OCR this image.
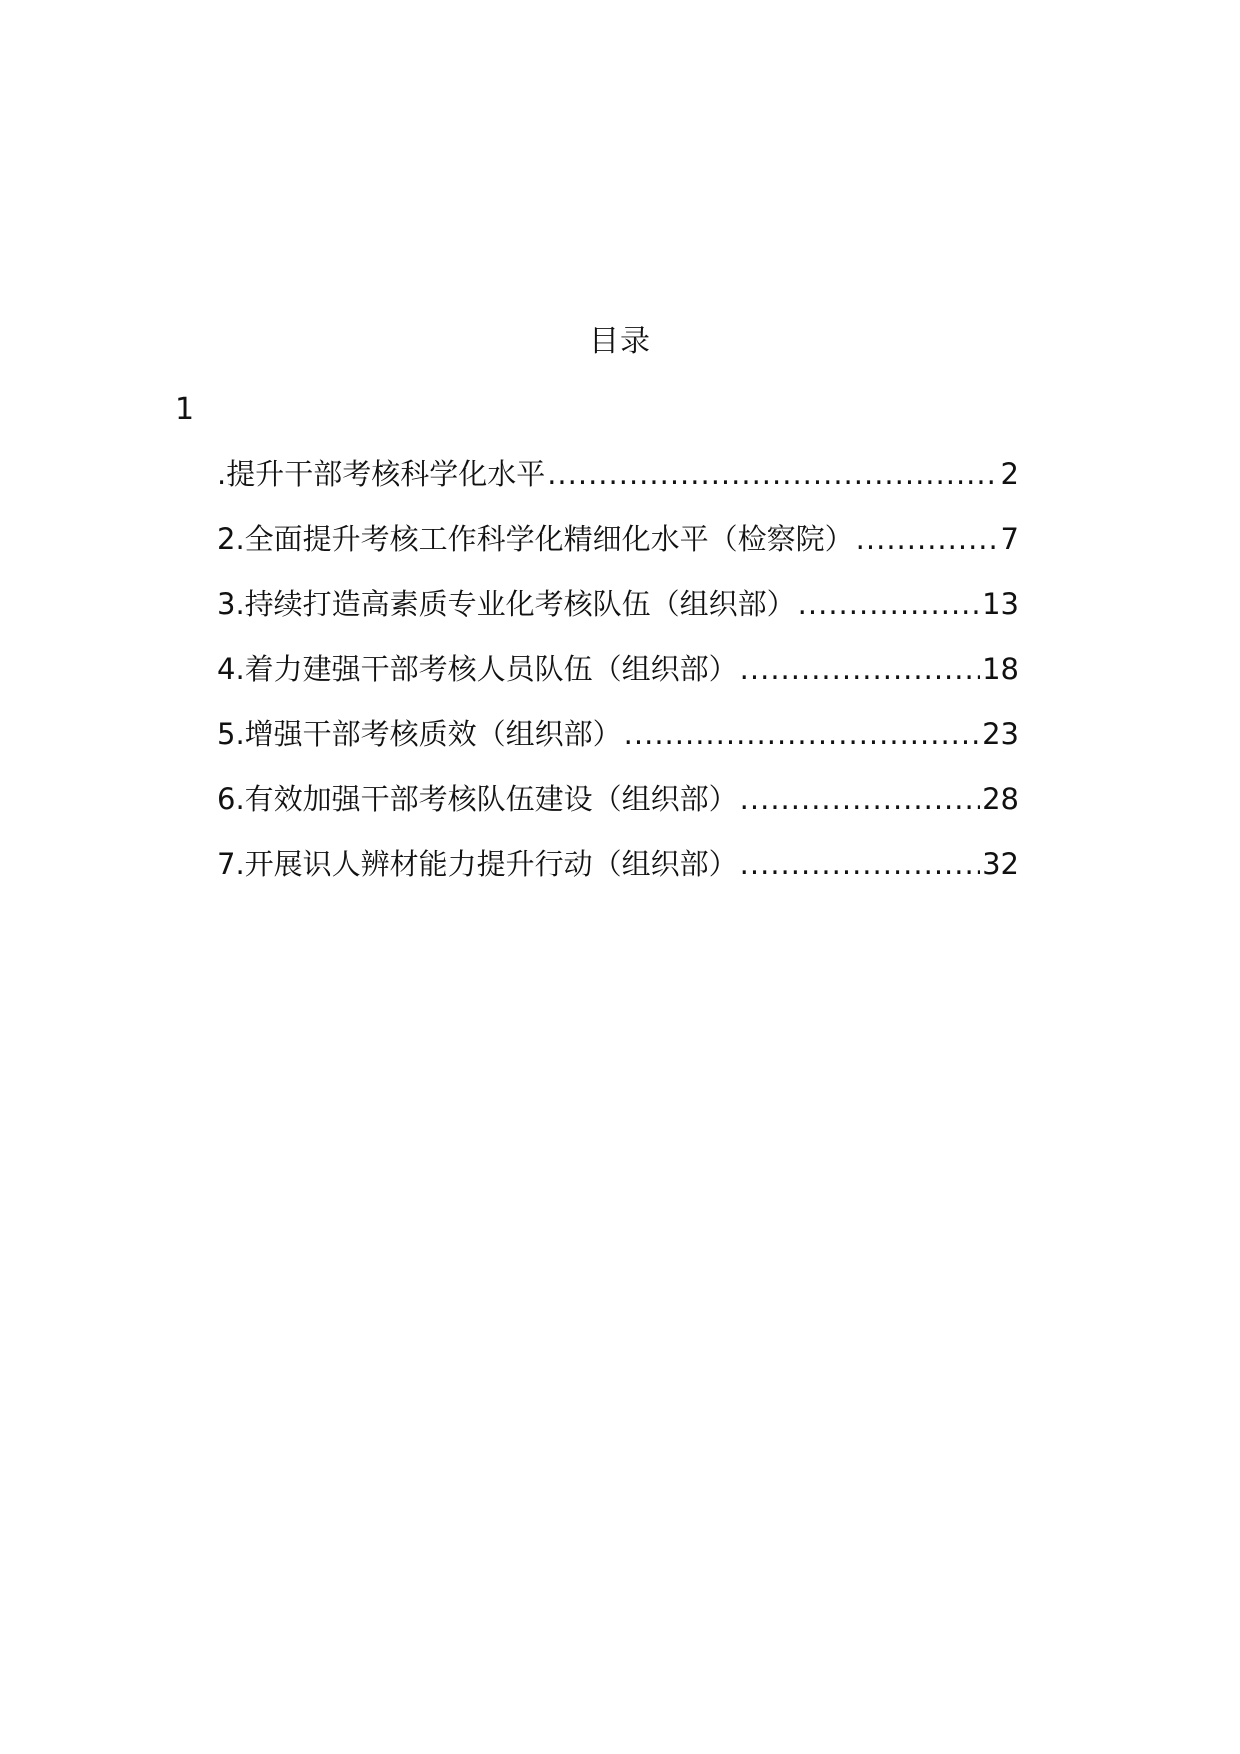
目录
1
.提升干部考核科学化水平 .....	2
2.全面提升考核工作科学化精细化水平（检察院） .....	7
3.持续打造高素质专业化考核队伍（组织部） .....	13
4.着力建强干部考核人员队伍（组织部） .....	18
5.增强干部考核质效（组织部） .....	23
6.有效加强干部考核队伍建设（组织部） .....	28
7.开展识人辨材能力提升行动（组织部） .....	32
